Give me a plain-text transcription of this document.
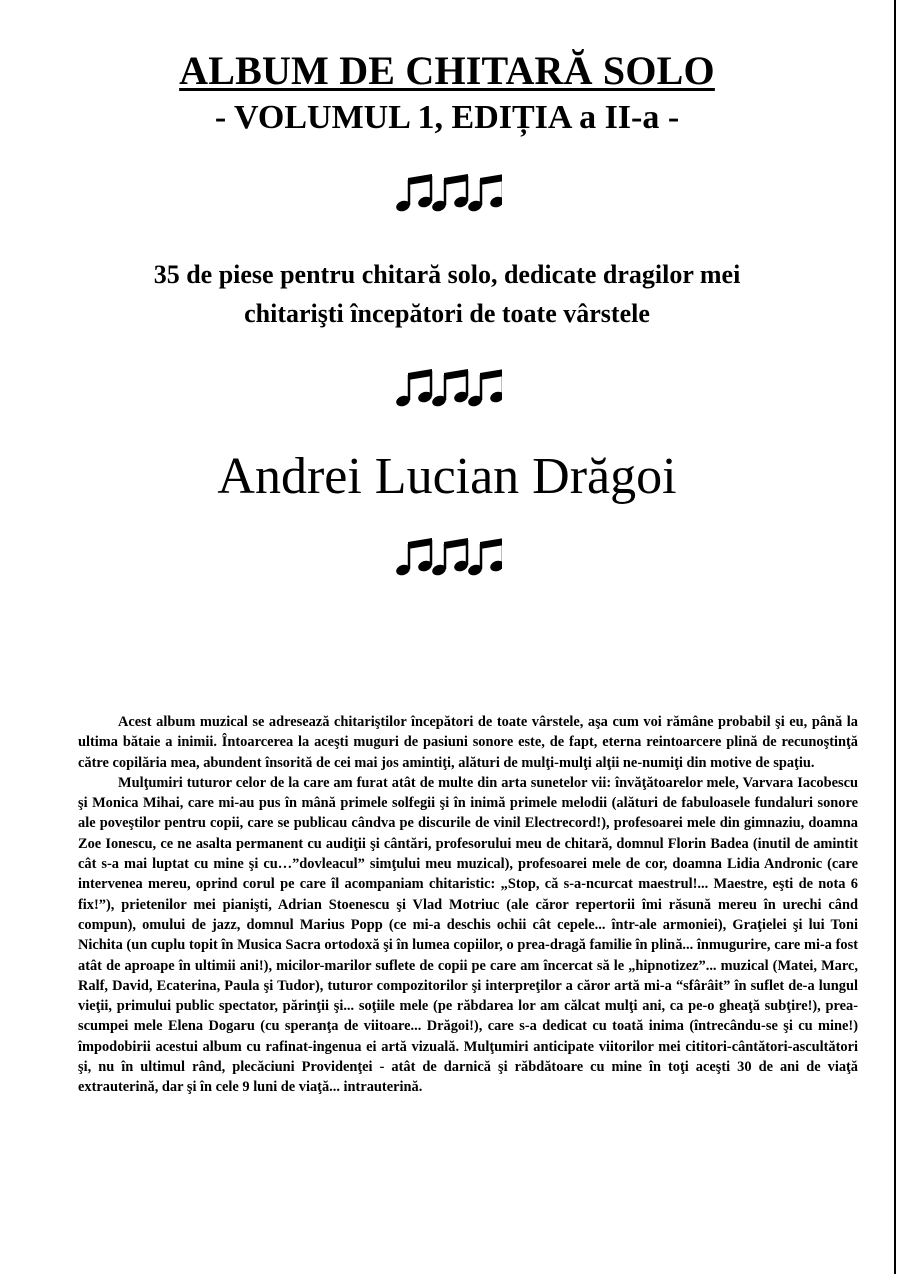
ALBUM DE CHITARĂ SOLO
- VOLUMUL 1, EDIȚIA a II-a -
35 de piese pentru chitară solo, dedicate dragilor mei
chitarişti începători de toate vârstele
Andrei Lucian Drăgoi

Acest album muzical se adresează chitariştilor începători de toate vârstele, aşa cum voi rămâne probabil şi eu, până la ultima bătaie a inimii. Întoarcerea la aceşti muguri de pasiuni sonore este, de fapt, eterna reintoarcere plină de recunoştinţă către copilăria mea, abundent însorită de cei mai jos amintiţi, alături de mulţi-mulţi alţii ne-numiţi din motive de spaţiu.

Mulţumiri tuturor celor de la care am furat atât de multe din arta sunetelor vii: învăţătoarelor mele, Varvara Iacobescu şi Monica Mihai, care mi-au pus în mână primele solfegii şi în inimă primele melodii (alături de fabuloasele fundaluri sonore ale poveştilor pentru copii, care se publicau cândva pe discurile de vinil Electrecord!), profesoarei mele din gimnaziu, doamna Zoe Ionescu, ce ne asalta permanent cu audiţii şi cântări, profesorului meu de chitară, domnul Florin Badea (inutil de amintit cât s-a mai luptat cu mine şi cu…”dovleacul” simţului meu muzical), profesoarei mele de cor, doamna Lidia Andronic (care intervenea mereu, oprind corul pe care îl acompaniam chitaristic: „Stop, că s-a-ncurcat maestrul!... Maestre, eşti de nota 6 fix!”), prietenilor mei pianişti, Adrian Stoenescu şi Vlad Motriuc (ale căror repertorii îmi răsună mereu în urechi când compun), omului de jazz, domnul Marius Popp (ce mi-a deschis ochii cât cepele... într-ale armoniei), Graţielei şi lui Toni Nichita (un cuplu topit în Musica Sacra ortodoxă şi în lumea copiilor, o prea-dragă familie în plină... înmugurire, care mi-a fost atât de aproape în ultimii ani!), micilor-marilor suflete de copii pe care am încercat să le „hipnotizez”... muzical (Matei, Marc, Ralf, David, Ecaterina, Paula şi Tudor), tuturor compozitorilor şi interpreţilor a căror artă mi-a “sfârâit” în suflet de-a lungul vieţii, primului public spectator, părinţii şi... soţiile mele (pe răbdarea lor am călcat mulţi ani, ca pe-o gheaţă subţire!), prea-scumpei mele Elena Dogaru (cu speranţa de viitoare... Drăgoi!), care s-a dedicat cu toată inima (întrecându-se şi cu mine!) împodobirii acestui album cu rafinat-ingenua ei artă vizuală. Mulţumiri anticipate viitorilor mei cititori-cântători-ascultători şi, nu în ultimul rând, plecăciuni Providenţei - atât de darnică şi răbdătoare cu mine în toţi aceşti 30 de ani de viaţă extrauterină, dar şi în cele 9 luni de viaţă... intrauterină.
